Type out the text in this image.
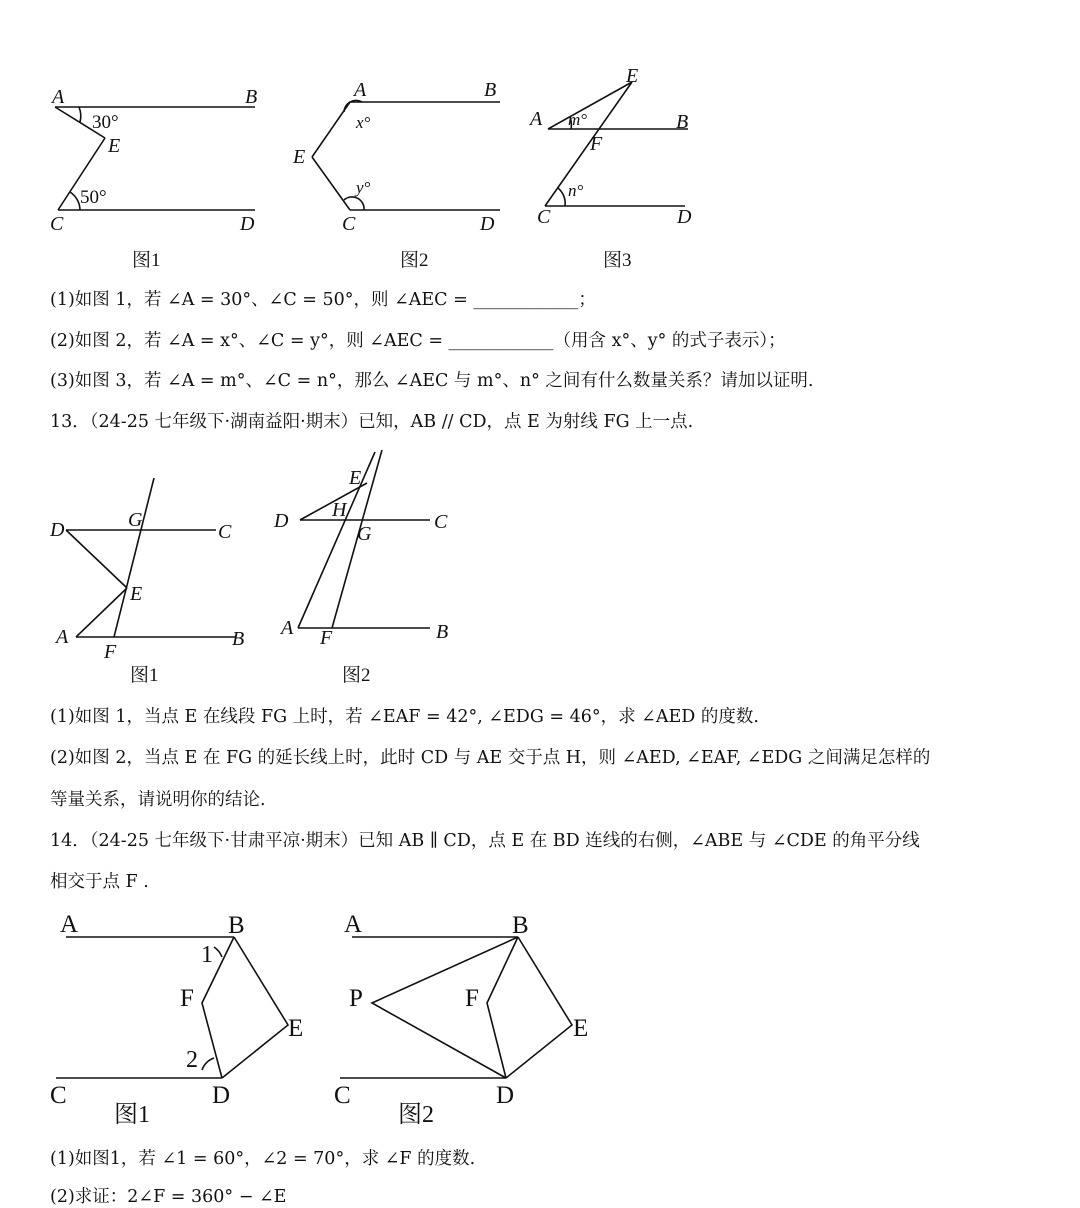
A	B
E
C	D
30°
50°
图1
A	B
E
C	D
x°
y°
图2
E
A	B
F
C	D
m°
n°
图3
(1)如图 1，若 ∠A = 30°、∠C = 50°，则 ∠AEC = ____________；
(2)如图 2，若 ∠A = x°、∠C = y°，则 ∠AEC = ____________（用含 x°、y° 的式子表示）；
(3)如图 3，若 ∠A = m°、∠C = n°，那么 ∠AEC 与 m°、n° 之间有什么数量关系？请加以证明.
13．（24-25 七年级下·湖南益阳·期末）已知，AB // CD，点 E 为射线 FG 上一点.
D	G
C
E
A
F
B
图1
E
H
D
G
C
A F	B
图2
(1)如图 1，当点 E 在线段 FG 上时，若 ∠EAF = 42°, ∠EDG = 46°，求 ∠AED 的度数.
(2)如图 2，当点 E 在 FG 的延长线上时，此时 CD 与 AE 交于点 H，则 ∠AED, ∠EAF, ∠EDG 之间满足怎样的
等量关系，请说明你的结论.
14．（24-25 七年级下·甘肃平凉·期末）已知 AB ∥ CD，点 E 在 BD 连线的右侧，∠ABE 与 ∠CDE 的角平分线
相交于点 F .
A	B
1
F
E
2
C	D
图1
A	B
P	F
E
C	D
图2
(1)如图1，若 ∠1 = 60°，∠2 = 70°，求 ∠F 的度数.
(2)求证：2∠F = 360° − ∠E
